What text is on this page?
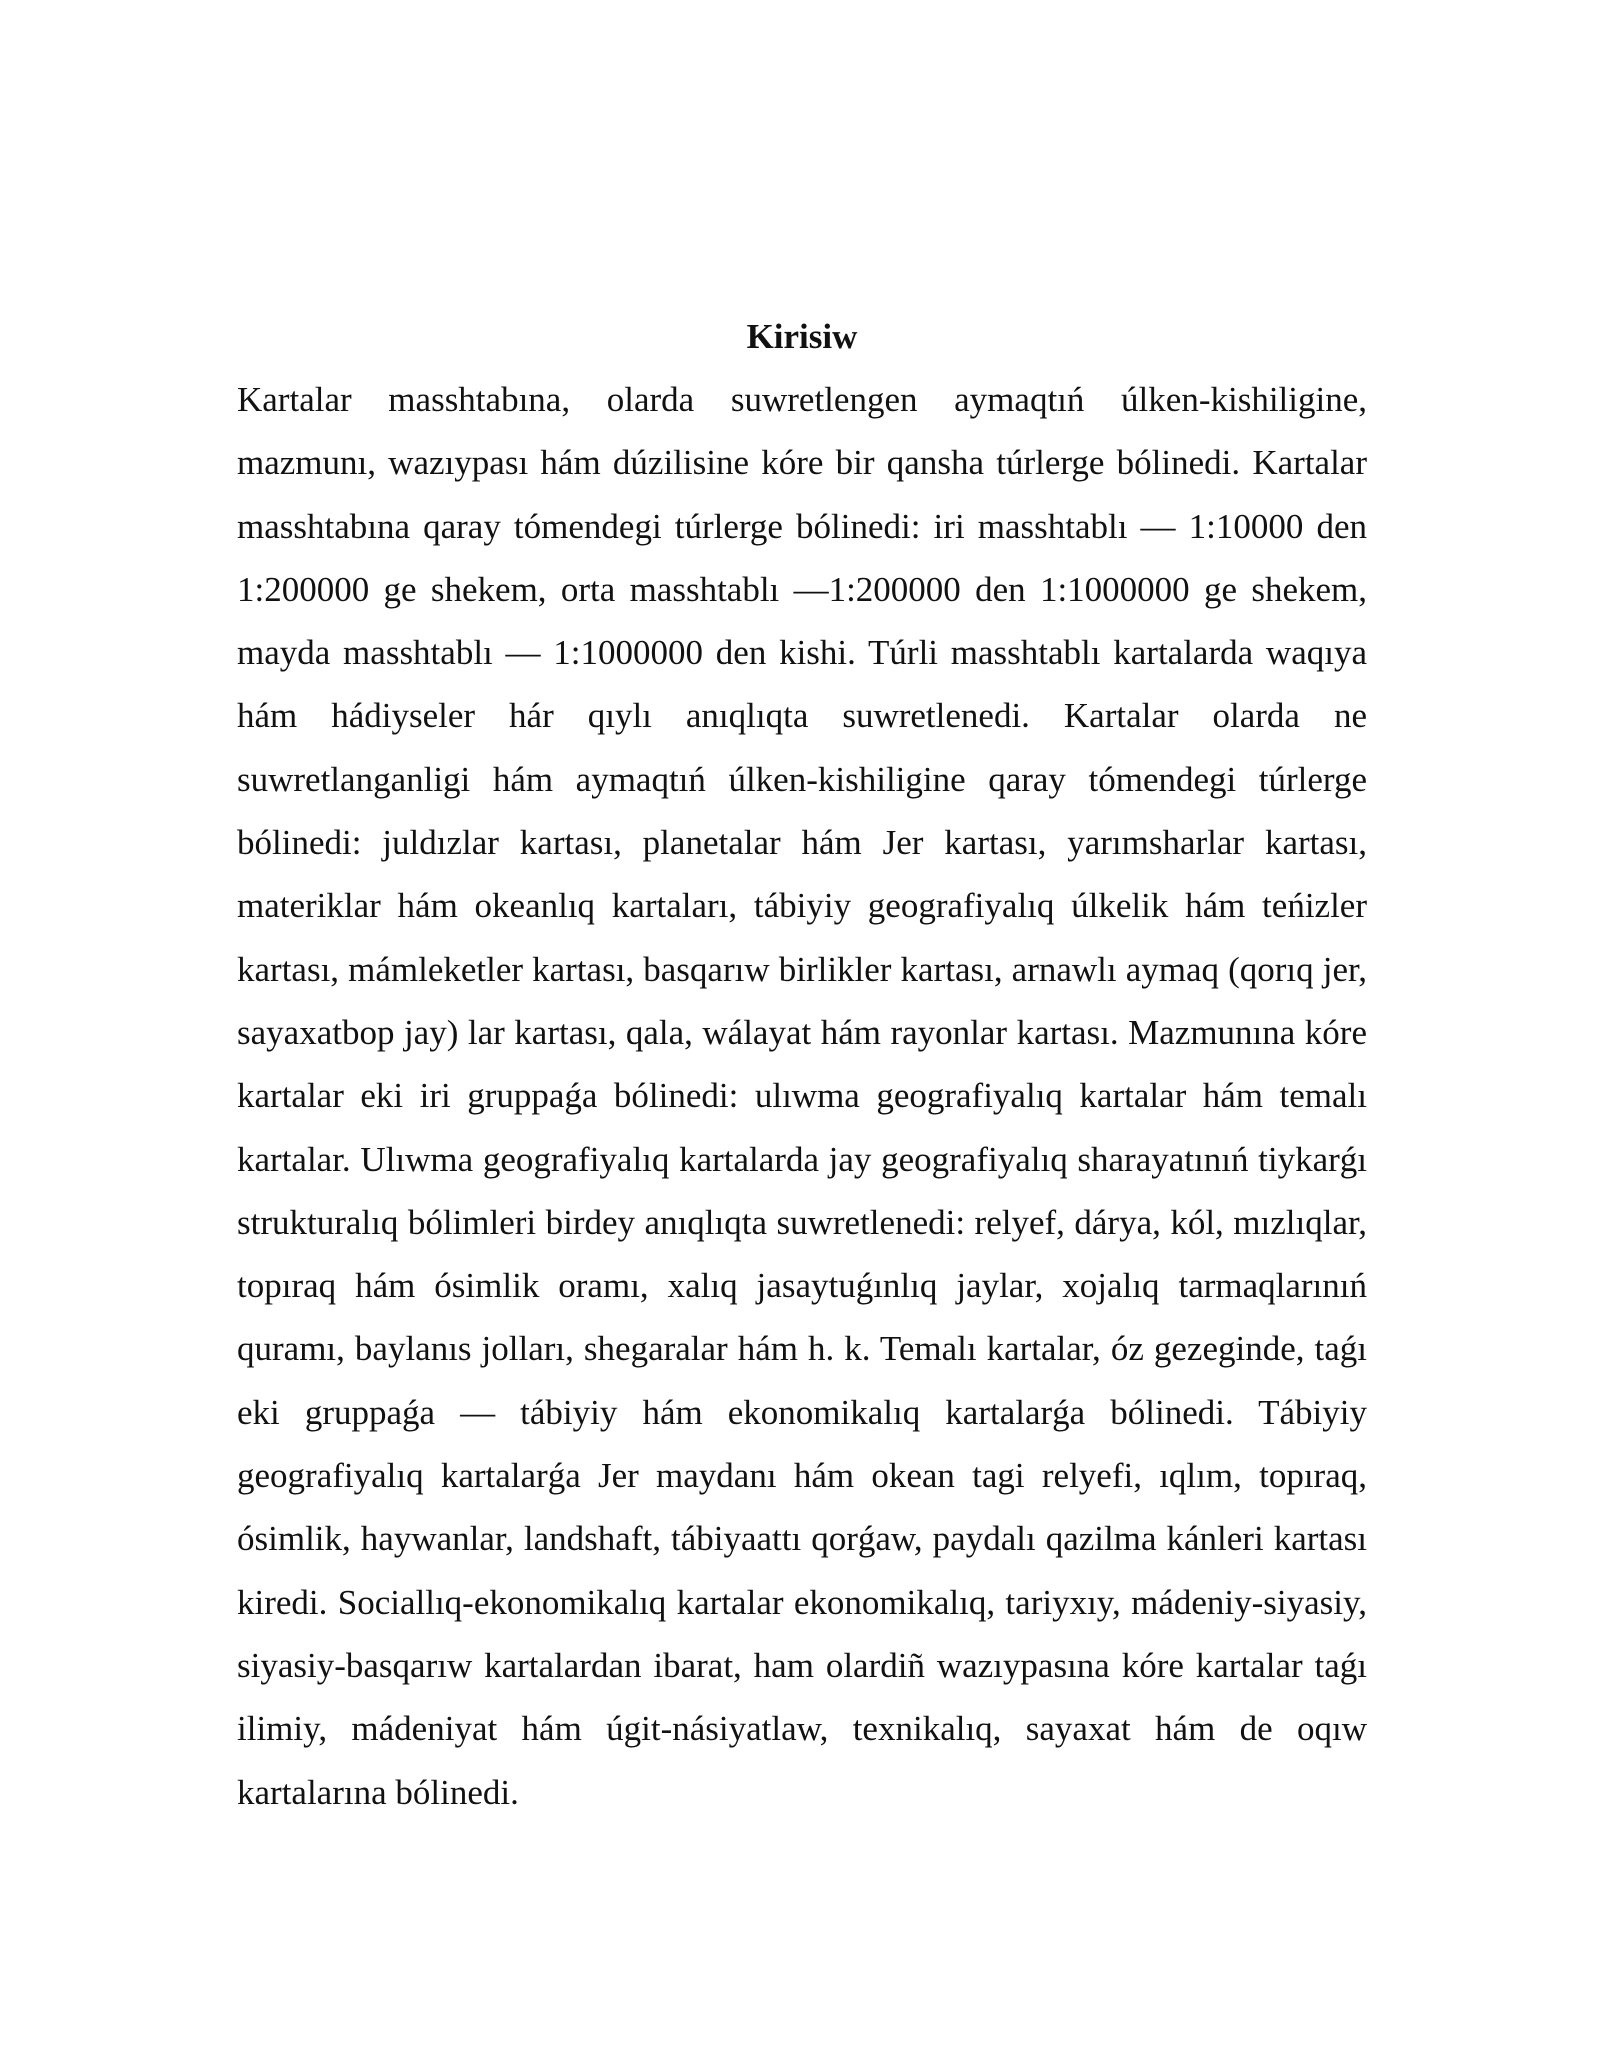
Kirisiw

Kartalar masshtabına, olarda suwretlengen aymaqtıń úlken-kishiligine, mazmunı, wazıypası hám dúzilisine kóre bir qansha túrlerge bólinedi. Kartalar masshtabına qaray tómendegi túrlerge bólinedi: iri masshtablı — 1:10000 den 1:200000 ge shekem, orta masshtablı —1:200000 den 1:1000000 ge shekem, mayda masshtablı — 1:1000000 den kishi. Túrli masshtablı kartalarda waqıya hám hádiyseler hár qıylı anıqlıqta suwretlenedi. Kartalar olarda ne suwretlanganligi hám aymaqtıń úlken-kishiligine qaray tómendegi túrlerge bólinedi: juldızlar kartası, planetalar hám Jer kartası, yarımsharlar kartası, materiklar hám okeanlıq kartaları, tábiyiy geografiyalıq úlkelik hám teńizler kartası, mámleketler kartası, basqarıw birlikler kartası, arnawlı aymaq (qorıq jer, sayaxatbop jay) lar kartası, qala, wálayat hám rayonlar kartası. Mazmunına kóre kartalar eki iri gruppaǵa bólinedi: ulıwma geografiyalıq kartalar hám temalı kartalar. Ulıwma geografiyalıq kartalarda jay geografiyalıq sharayatınıń tiykarǵı strukturalıq bólimleri birdey anıqlıqta suwretlenedi: relyef, dárya, kól, mızlıqlar, topıraq hám ósimlik oramı, xalıq jasaytuǵınlıq jaylar, xojalıq tarmaqlarınıń quramı, baylanıs jolları, shegaralar hám h. k. Temalı kartalar, óz gezeginde, taǵı eki gruppaǵa — tábiyiy hám ekonomikalıq kartalarǵa bólinedi. Tábiyiy geografiyalıq kartalarǵa Jer maydanı hám okean tagi relyefi, ıqlım, topıraq, ósimlik, haywanlar, landshaft, tábiyaattı qorǵaw, paydalı qazilma kánleri kartası kiredi. Sociallıq-ekonomikalıq kartalar ekonomikalıq, tariyxıy, mádeniy-siyasiy, siyasiy-basqarıw kartalardan ibarat, ham olardiñ wazıypasına kóre kartalar taǵı ilimiy, mádeniyat hám úgit-násiyatlaw, texnikalıq, sayaxat hám de oqıw kartalarına bólinedi.
